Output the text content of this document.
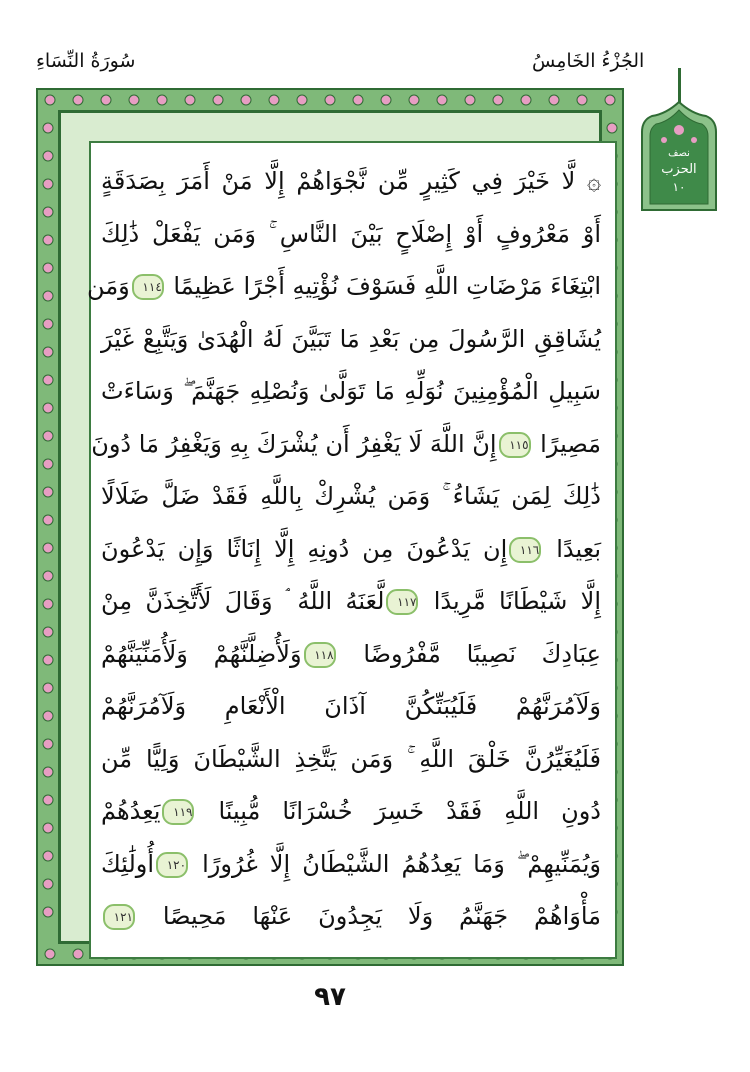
الجُزْءُ الخَامِسُ
سُورَةُ النِّسَاءِ
نصف
الحزب
١٠
۞ لَّا خَيْرَ فِي كَثِيرٍ مِّن نَّجْوَاهُمْ إِلَّا مَنْ أَمَرَ بِصَدَقَةٍ
أَوْ مَعْرُوفٍ أَوْ إِصْلَاحٍ بَيْنَ النَّاسِ ۚ وَمَن يَفْعَلْ ذَٰلِكَ
ابْتِغَاءَ مَرْضَاتِ اللَّهِ فَسَوْفَ نُؤْتِيهِ أَجْرًا عَظِيمًا ١١٤وَمَن
يُشَاقِقِ الرَّسُولَ مِن بَعْدِ مَا تَبَيَّنَ لَهُ الْهُدَىٰ وَيَتَّبِعْ غَيْرَ
سَبِيلِ الْمُؤْمِنِينَ نُوَلِّهِ مَا تَوَلَّىٰ وَنُصْلِهِ جَهَنَّمَ ۖ وَسَاءَتْ
مَصِيرًا ١١٥إِنَّ اللَّهَ لَا يَغْفِرُ أَن يُشْرَكَ بِهِ وَيَغْفِرُ مَا دُونَ
ذَٰلِكَ لِمَن يَشَاءُ ۚ وَمَن يُشْرِكْ بِاللَّهِ فَقَدْ ضَلَّ ضَلَالًا
بَعِيدًا ١١٦إِن يَدْعُونَ مِن دُونِهِ إِلَّا إِنَاثًا وَإِن يَدْعُونَ
إِلَّا شَيْطَانًا مَّرِيدًا ١١٧لَّعَنَهُ اللَّهُ ۘ وَقَالَ لَأَتَّخِذَنَّ مِنْ
عِبَادِكَ نَصِيبًا مَّفْرُوضًا ١١٨وَلَأُضِلَّنَّهُمْ وَلَأُمَنِّيَنَّهُمْ
وَلَآمُرَنَّهُمْ فَلَيُبَتِّكُنَّ آذَانَ الْأَنْعَامِ وَلَآمُرَنَّهُمْ
فَلَيُغَيِّرُنَّ خَلْقَ اللَّهِ ۚ وَمَن يَتَّخِذِ الشَّيْطَانَ وَلِيًّا مِّن
دُونِ اللَّهِ فَقَدْ خَسِرَ خُسْرَانًا مُّبِينًا ١١٩يَعِدُهُمْ
وَيُمَنِّيهِمْ ۖ وَمَا يَعِدُهُمُ الشَّيْطَانُ إِلَّا غُرُورًا ١٢٠أُولَٰئِكَ
مَأْوَاهُمْ جَهَنَّمُ وَلَا يَجِدُونَ عَنْهَا مَحِيصًا ١٢١
٩٧
